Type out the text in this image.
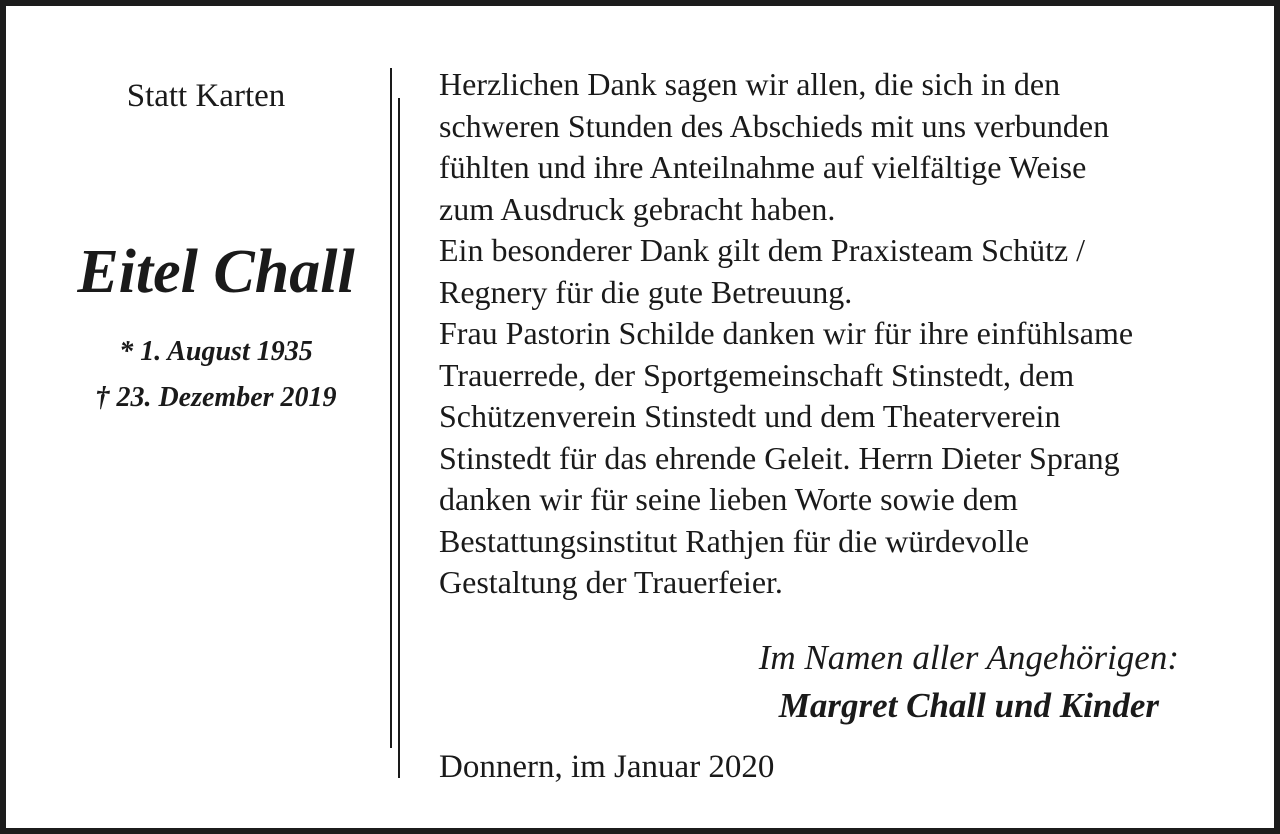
Statt Karten
Eitel Chall
* 1. August 1935
† 23. Dezember 2019

Herzlichen Dank sagen wir allen, die sich in den
schweren Stunden des Abschieds mit uns verbunden
fühlten und ihre Anteilnahme auf vielfältige Weise
zum Ausdruck gebracht haben.

Ein besonderer Dank gilt dem Praxisteam Schütz /
Regnery für die gute Betreuung.

Frau Pastorin Schilde danken wir für ihre einfühlsame
Trauerrede, der Sportgemeinschaft Stinstedt, dem
Schützenverein Stinstedt und dem Theaterverein
Stinstedt für das ehrende Geleit. Herrn Dieter Sprang
danken wir für seine lieben Worte sowie dem
Bestattungsinstitut Rathjen für die würdevolle
Gestaltung der Trauerfeier.

Im Namen aller Angehörigen:
Margret Chall und Kinder
Donnern, im Januar 2020
